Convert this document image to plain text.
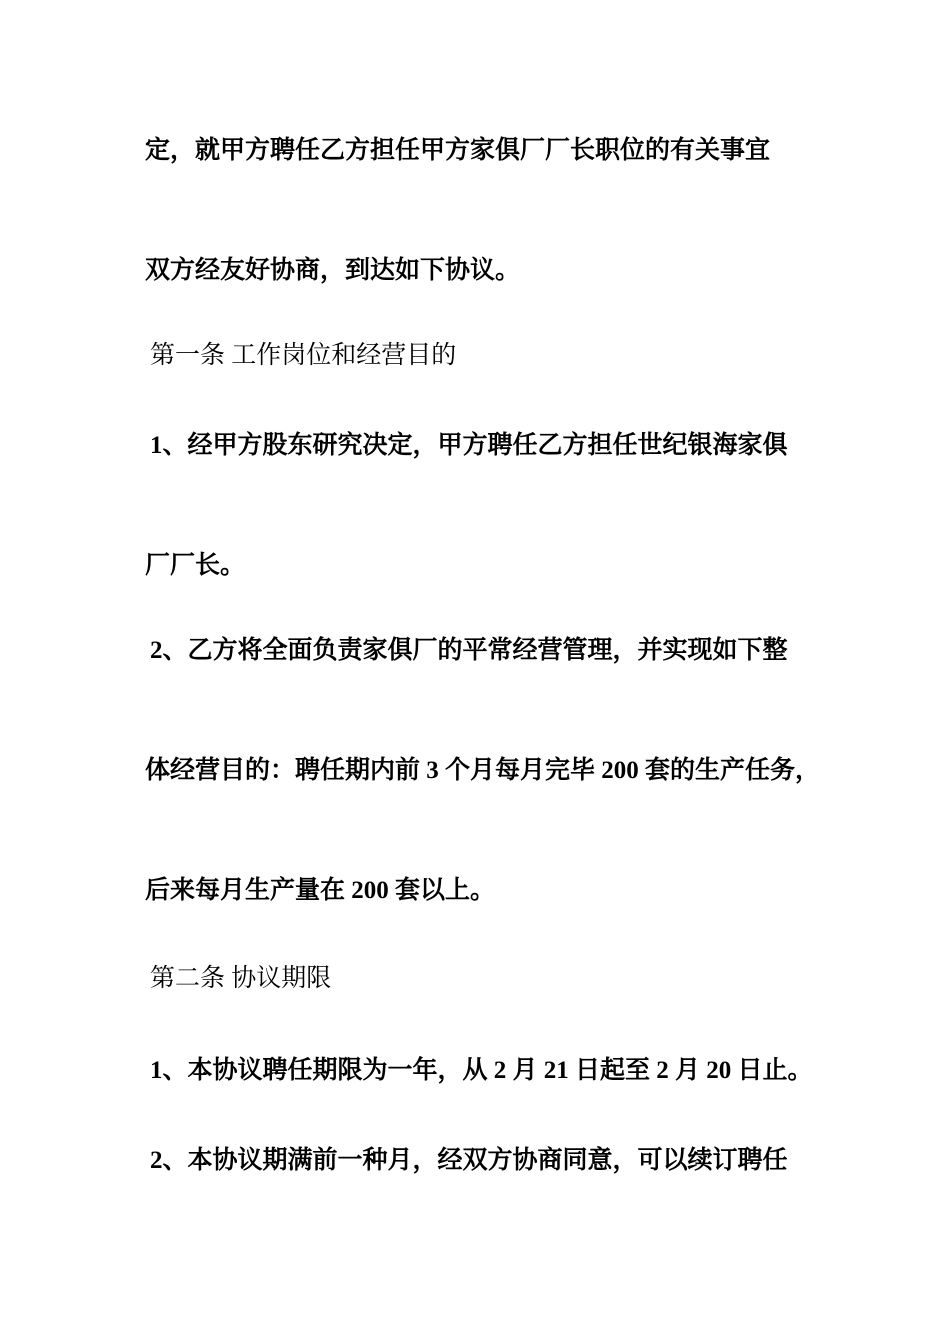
定，就甲方聘任乙方担任甲方家俱厂厂长职位的有关事宜
双方经友好协商，到达如下协议。
第一条 工作岗位和经营目的
1、经甲方股东研究决定，甲方聘任乙方担任世纪银海家俱
厂厂长。
2、乙方将全面负责家俱厂的平常经营管理，并实现如下整
体经营目的：聘任期内前 3 个月每月完毕 200 套的生产任务，
后来每月生产量在 200 套以上。
第二条 协议期限
1、本协议聘任期限为一年，从 2 月 21 日起至 2 月 20 日止。
2、本协议期满前一种月，经双方协商同意，可以续订聘任
